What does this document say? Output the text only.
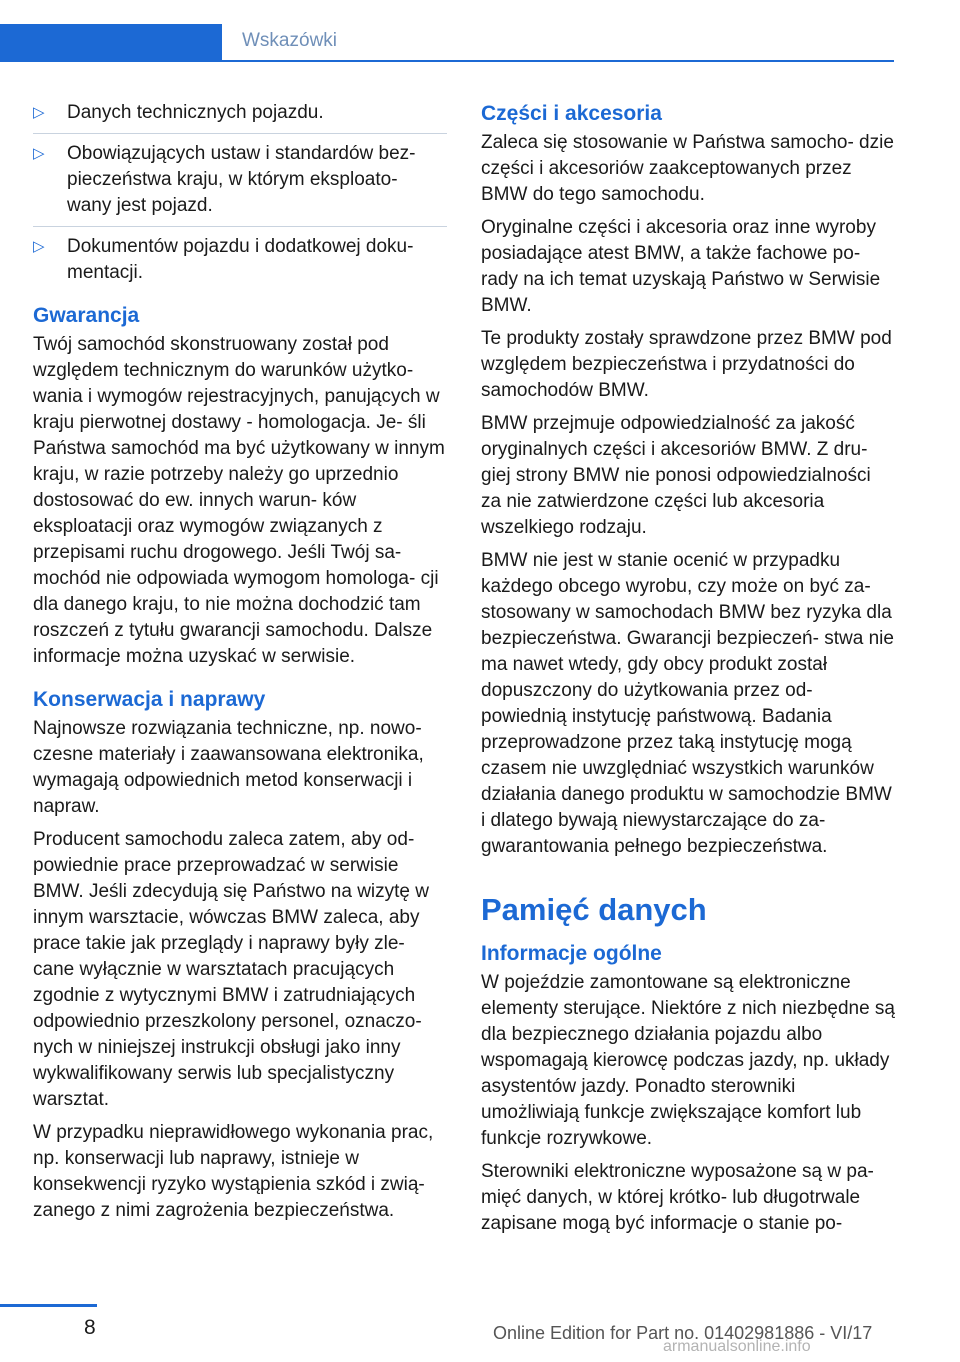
Wskazówki
▷ Danych technicznych pojazdu.
▷ Obowiązujących ustaw i standardów bez‐ pieczeństwa kraju, w którym eksploato‐ wany jest pojazd.
▷ Dokumentów pojazdu i dodatkowej doku‐ mentacji.
Gwarancja

Twój samochód skonstruowany został pod względem technicznym do warunków użytko‐ wania i wymogów rejestracyjnych, panujących w kraju pierwotnej dostawy - homologacja. Je‐ śli Państwa samochód ma być użytkowany w innym kraju, w razie potrzeby należy go uprzednio dostosować do ew. innych warun‐ ków eksploatacji oraz wymogów związanych z przepisami ruchu drogowego. Jeśli Twój sa‐ mochód nie odpowiada wymogom homologa‐ cji dla danego kraju, to nie można dochodzić tam roszczeń z tytułu gwarancji samochodu. Dalsze informacje można uzyskać w serwisie.

Konserwacja i naprawy

Najnowsze rozwiązania techniczne, np. nowo‐ czesne materiały i zaawansowana elektronika, wymagają odpowiednich metod konserwacji i napraw.

Producent samochodu zaleca zatem, aby od‐ powiednie prace przeprowadzać w serwisie BMW. Jeśli zdecydują się Państwo na wizytę w innym warsztacie, wówczas BMW zaleca, aby prace takie jak przeglądy i naprawy były zle‐ cane wyłącznie w warsztatach pracujących zgodnie z wytycznymi BMW i zatrudniających odpowiednio przeszkolony personel, oznaczo‐ nych w niniejszej instrukcji obsługi jako inny wykwalifikowany serwis lub specjalistyczny warsztat.

W przypadku nieprawidłowego wykonania prac, np. konserwacji lub naprawy, istnieje w konsekwencji ryzyko wystąpienia szkód i zwią‐ zanego z nimi zagrożenia bezpieczeństwa.

Części i akcesoria

Zaleca się stosowanie w Państwa samocho‐ dzie części i akcesoriów zaakceptowanych przez BMW do tego samochodu.

Oryginalne części i akcesoria oraz inne wyroby posiadające atest BMW, a także fachowe po‐ rady na ich temat uzyskają Państwo w Serwisie BMW.

Te produkty zostały sprawdzone przez BMW pod względem bezpieczeństwa i przydatności do samochodów BMW.

BMW przejmuje odpowiedzialność za jakość oryginalnych części i akcesoriów BMW. Z dru‐ giej strony BMW nie ponosi odpowiedzialności za nie zatwierdzone części lub akcesoria wszelkiego rodzaju.

BMW nie jest w stanie ocenić w przypadku każdego obcego wyrobu, czy może on być za‐ stosowany w samochodach BMW bez ryzyka dla bezpieczeństwa. Gwarancji bezpieczeń‐ stwa nie ma nawet wtedy, gdy obcy produkt został dopuszczony do użytkowania przez od‐ powiednią instytucję państwową. Badania przeprowadzone przez taką instytucję mogą czasem nie uwzględniać wszystkich warunków działania danego produktu w samochodzie BMW i dlatego bywają niewystarczające do za‐ gwarantowania pełnego bezpieczeństwa.

Pamięć danych
Informacje ogólne

W pojeździe zamontowane są elektroniczne elementy sterujące. Niektóre z nich niezbędne są dla bezpiecznego działania pojazdu albo wspomagają kierowcę podczas jazdy, np. układy asystentów jazdy. Ponadto sterowniki umożliwiają funkcje zwiększające komfort lub funkcje rozrywkowe.

Sterowniki elektroniczne wyposażone są w pa‐ mięć danych, w której krótko- lub długotrwale zapisane mogą być informacje o stanie po‐

8	Online Edition for Part no. 01402981886 - VI/17
armanualsonline.info
